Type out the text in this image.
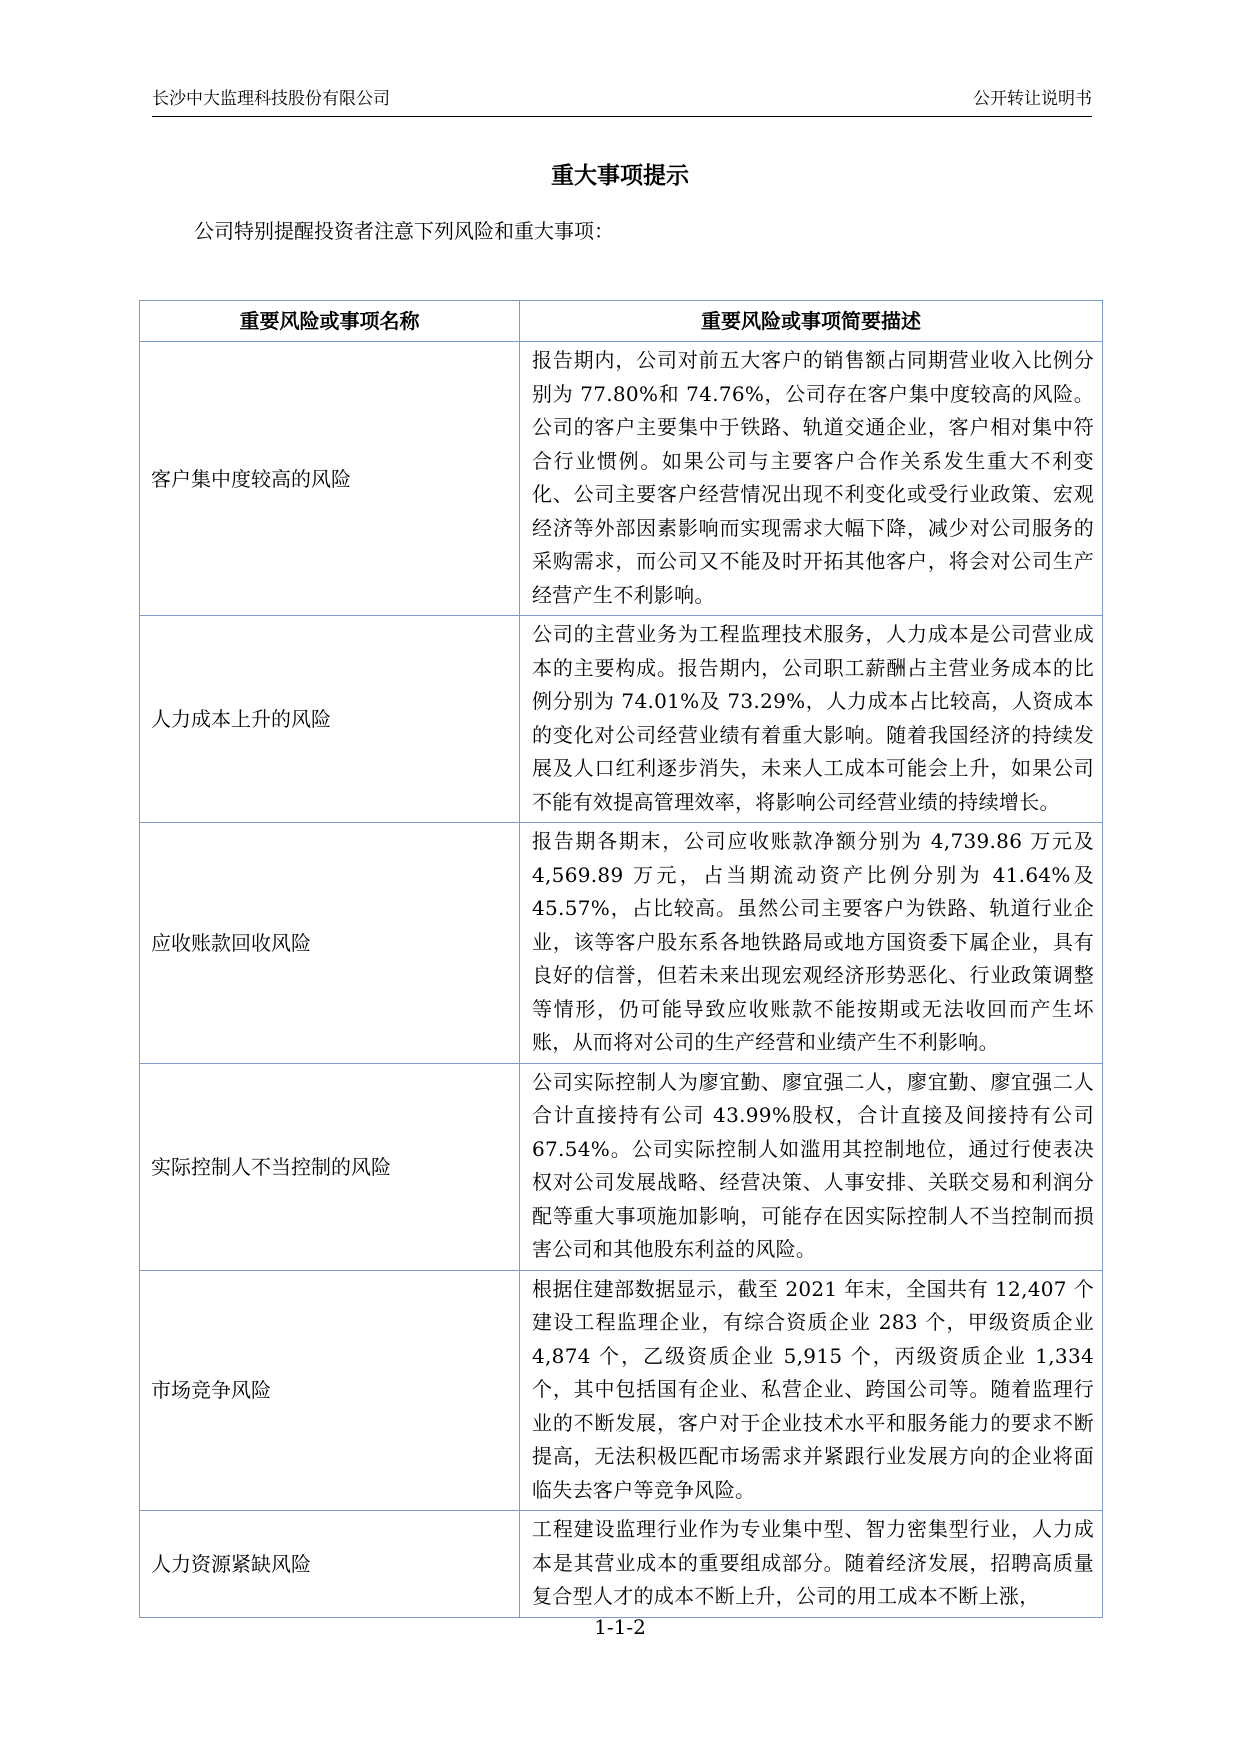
长沙中大监理科技股份有限公司	公开转让说明书
重大事项提示
公司特别提醒投资者注意下列风险和重大事项：
重要风险或事项名称	重要风险或事项简要描述
客户集中度较高的风险	报告期内，公司对前五大客户的销售额占同期营业收入比例分别为 77.80%和 74.76%，公司存在客户集中度较高的风险。公司的客户主要集中于铁路、轨道交通企业，客户相对集中符合行业惯例。如果公司与主要客户合作关系发生重大不利变化、公司主要客户经营情况出现不利变化或受行业政策、宏观经济等外部因素影响而实现需求大幅下降，减少对公司服务的采购需求，而公司又不能及时开拓其他客户，将会对公司生产经营产生不利影响。
人力成本上升的风险	公司的主营业务为工程监理技术服务，人力成本是公司营业成本的主要构成。报告期内，公司职工薪酬占主营业务成本的比例分别为 74.01%及 73.29%，人力成本占比较高，人资成本的变化对公司经营业绩有着重大影响。随着我国经济的持续发展及人口红利逐步消失，未来人工成本可能会上升，如果公司不能有效提高管理效率，将影响公司经营业绩的持续增长。
应收账款回收风险	报告期各期末，公司应收账款净额分别为 4,739.86 万元及4,569.89 万元，占当期流动资产比例分别为 41.64%及 45.57%，占比较高。虽然公司主要客户为铁路、轨道行业企业，该等客户股东系各地铁路局或地方国资委下属企业，具有良好的信誉，但若未来出现宏观经济形势恶化、行业政策调整等情形，仍可能导致应收账款不能按期或无法收回而产生坏账，从而将对公司的生产经营和业绩产生不利影响。
实际控制人不当控制的风险	公司实际控制人为廖宜勤、廖宜强二人，廖宜勤、廖宜强二人合计直接持有公司 43.99%股权，合计直接及间接持有公司67.54%。公司实际控制人如滥用其控制地位，通过行使表决权对公司发展战略、经营决策、人事安排、关联交易和利润分配等重大事项施加影响，可能存在因实际控制人不当控制而损害公司和其他股东利益的风险。
市场竞争风险	根据住建部数据显示，截至 2021 年末，全国共有 12,407 个建设工程监理企业，有综合资质企业 283 个，甲级资质企业4,874 个，乙级资质企业 5,915 个，丙级资质企业 1,334 个，其中包括国有企业、私营企业、跨国公司等。随着监理行业的不断发展，客户对于企业技术水平和服务能力的要求不断提高，无法积极匹配市场需求并紧跟行业发展方向的企业将面临失去客户等竞争风险。
人力资源紧缺风险	工程建设监理行业作为专业集中型、智力密集型行业，人力成本是其营业成本的重要组成部分。随着经济发展，招聘高质量复合型人才的成本不断上升，公司的用工成本不断上涨，
1-1-2
